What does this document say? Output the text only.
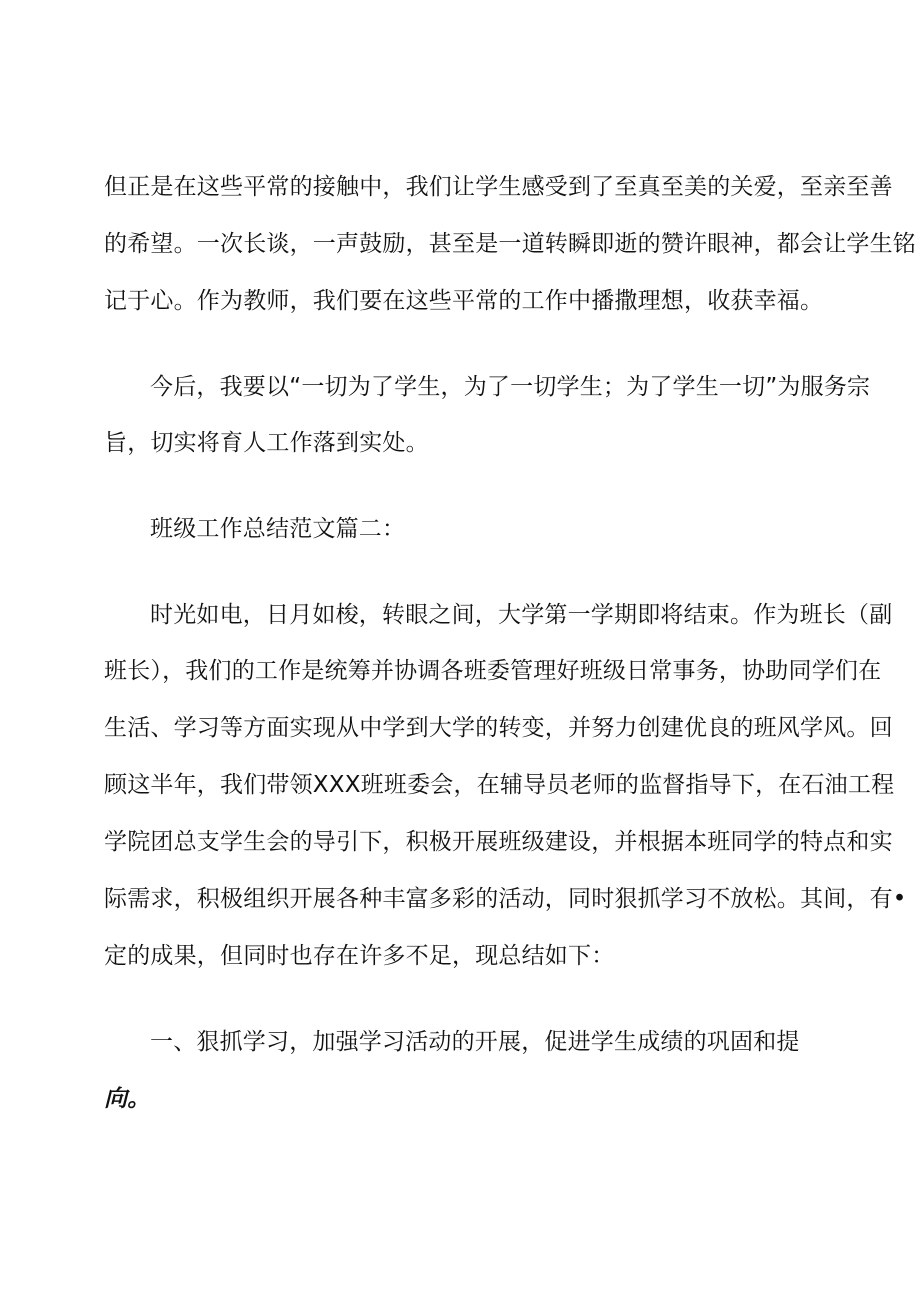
但正是在这些平常的接触中，我们让学生感受到了至真至美的关爱，至亲至善
的希望。一次长谈，一声鼓励，甚至是一道转瞬即逝的赞许眼神，都会让学生铭
记于心。作为教师，我们要在这些平常的工作中播撒理想，收获幸福。
今后，我要以“一切为了学生，为了一切学生；为了学生一切”为服务宗
旨，切实将育人工作落到实处。
班级工作总结范文篇二：
时光如电，日月如梭，转眼之间，大学第一学期即将结束。作为班长（副
班长），我们的工作是统筹并协调各班委管理好班级日常事务，协助同学们在
生活、学习等方面实现从中学到大学的转变，并努力创建优良的班风学风。回
顾这半年，我们带领XXX班班委会，在辅导员老师的监督指导下，在石油工程
学院团总支学生会的导引下，积极开展班级建设，并根据本班同学的特点和实
际需求，积极组织开展各种丰富多彩的活动，同时狠抓学习不放松。其间，有•
定的成果，但同时也存在许多不足，现总结如下：
一、狠抓学习，加强学习活动的开展，促进学生成绩的巩固和提
向。
